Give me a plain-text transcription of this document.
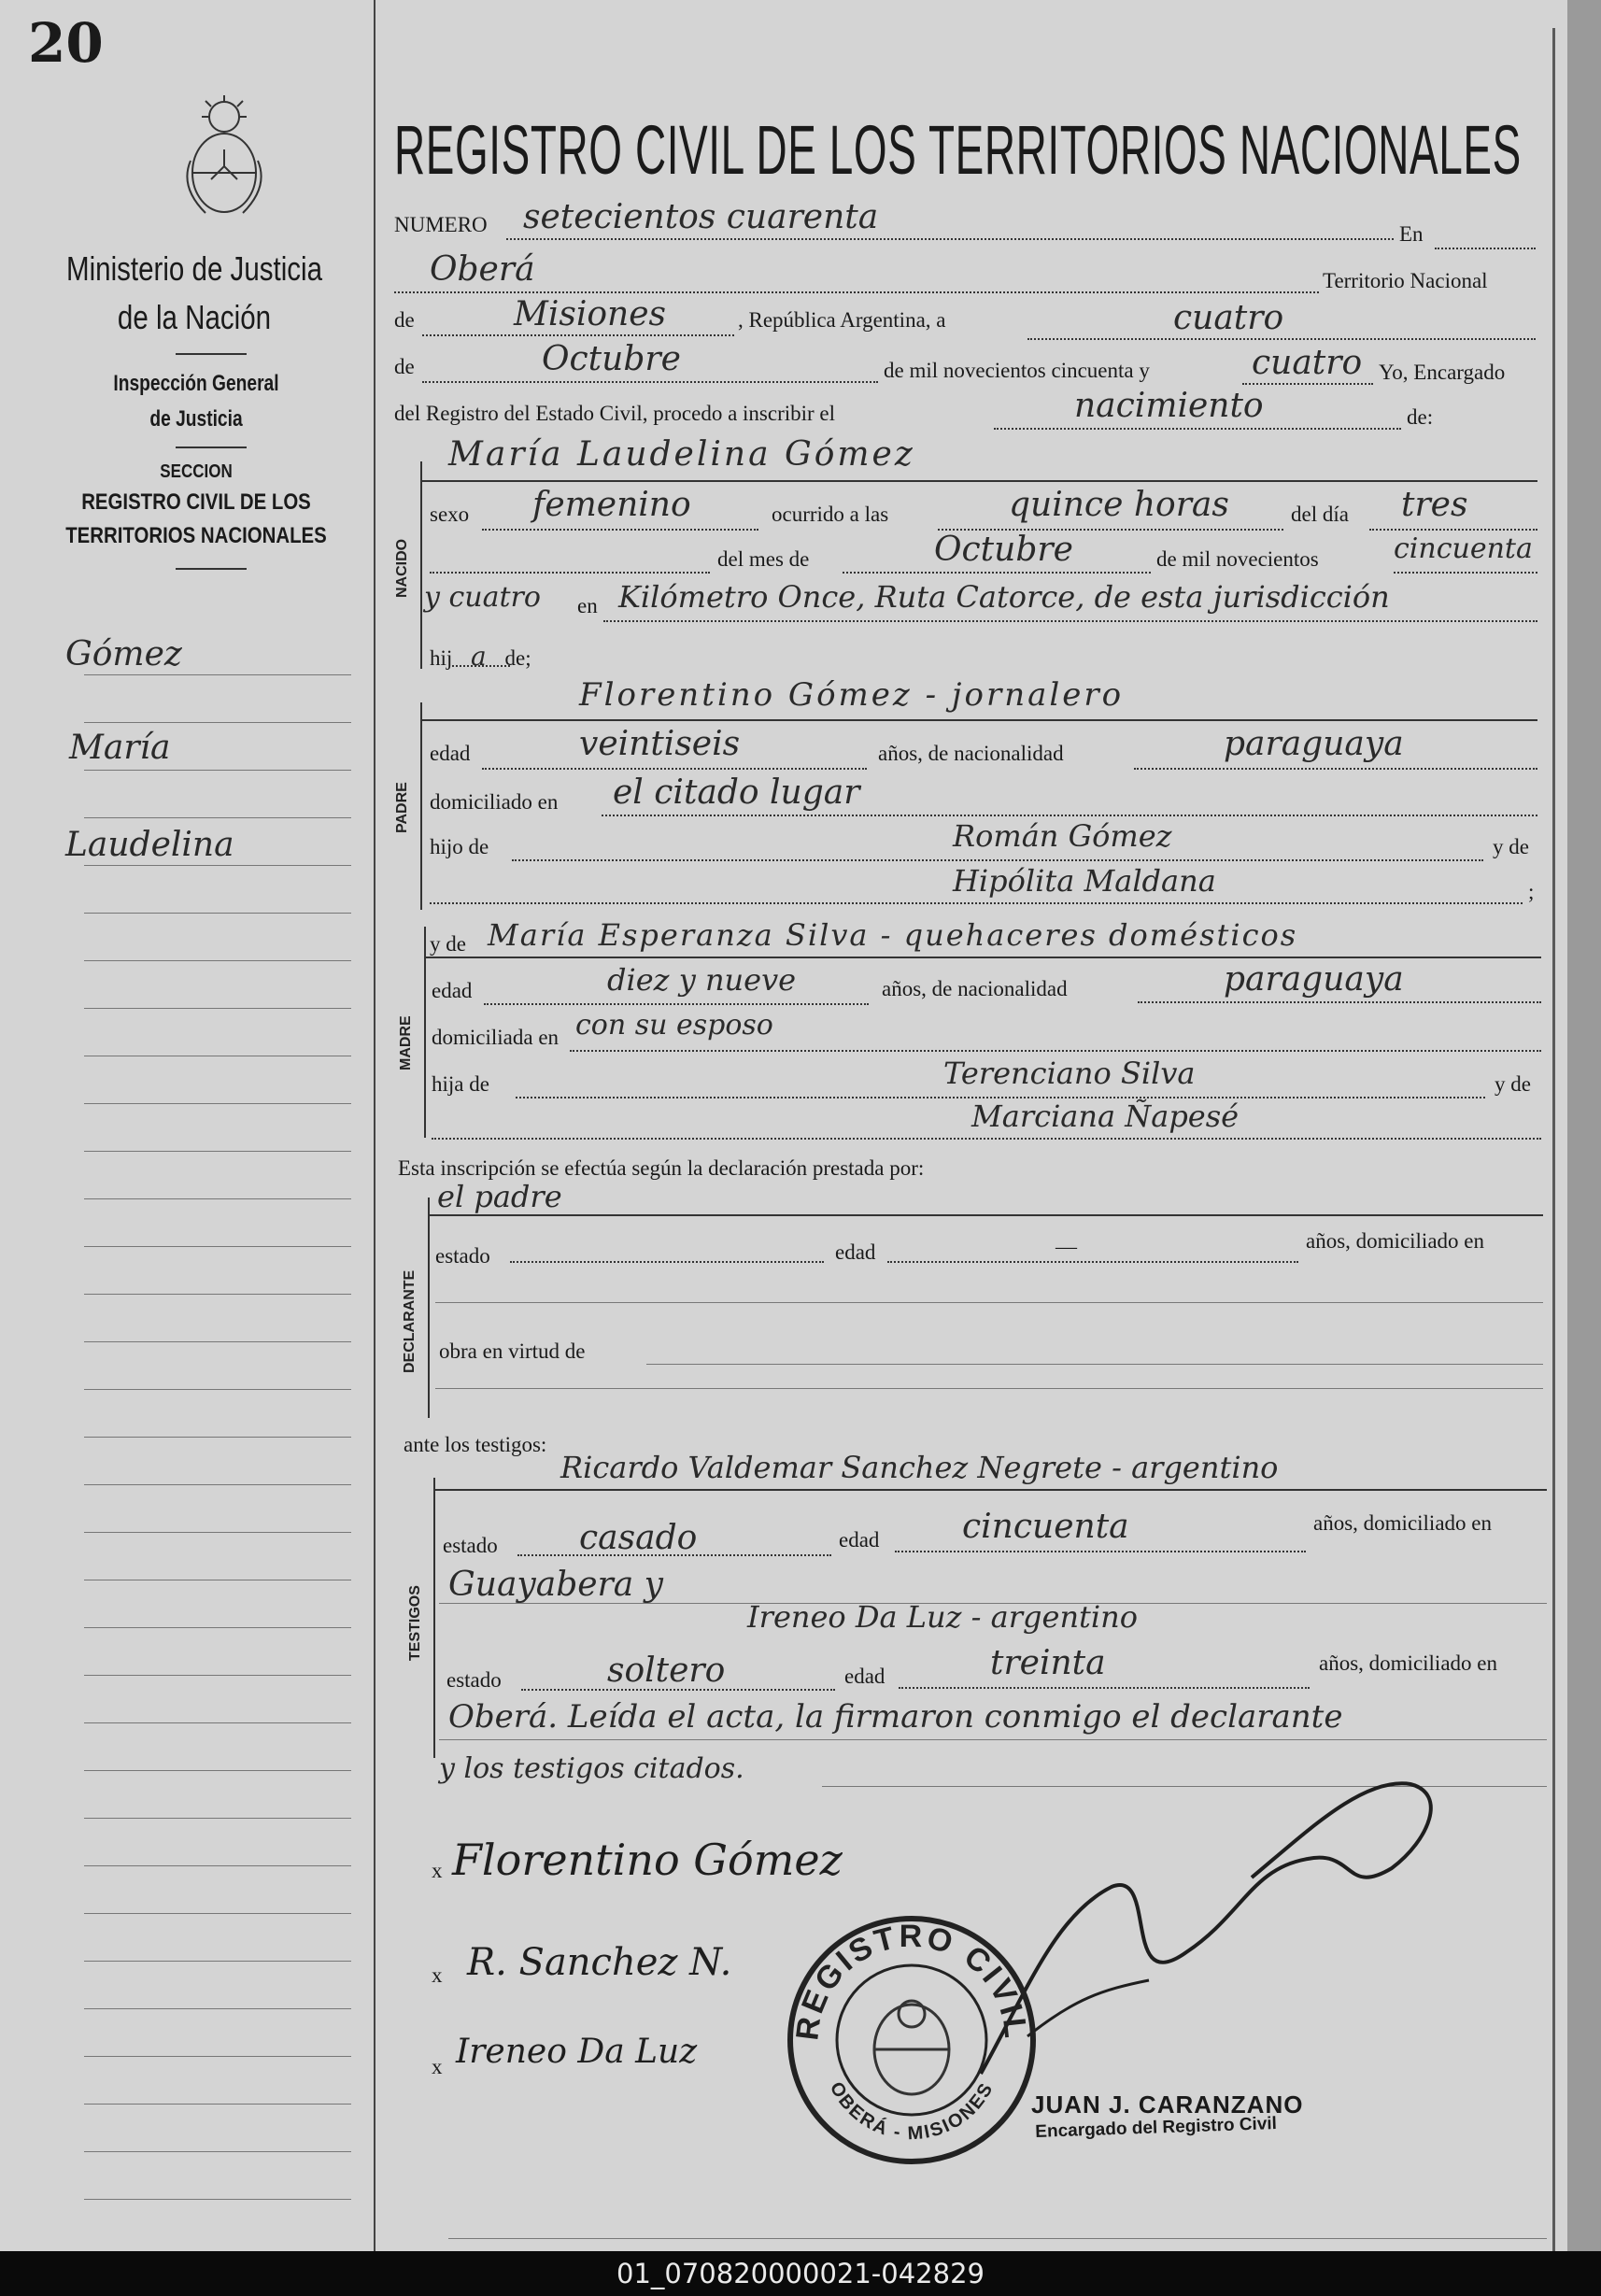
20
Ministerio de Justicia
de la Nación
Inspección General
de Justicia
SECCION
REGISTRO CIVIL DE LOS
TERRITORIOS NACIONALES
Gómez
María
Laudelina
REGISTRO CIVIL DE LOS TERRITORIOS NACIONALES
NUMERO setecientos cuarenta	En
Oberá	Territorio Nacional
de	Misiones	, República Argentina, a	cuatro
de	Octubre	de mil novecientos cincuenta y	cuatro Yo, Encargado
del Registro del Estado Civil, procedo a inscribir el	nacimiento	de:
NACIDO
María Laudelina Gómez
sexo femenino	ocurrido a las	quince horas	del día tres
del mes de	Octubre	de mil novecientos	cincuenta
y cuatro en Kilómetro Once, Ruta Catorce, de esta jurisdicción
hij a de;
PADRE
Florentino Gómez - jornalero
edad	veintiseis	años, de nacionalidad	paraguaya
domiciliado en el citado lugar
hijo de	Román Gómez	y de
Hipólita Maldana	;
MADRE
y de María Esperanza Silva - quehaceres domésticos
edad	diez y nueve	años, de nacionalidad	paraguaya
domiciliada en con su esposo
hija de	Terenciano Silva	y de
Marciana Ñapesé
Esta inscripción se efectúa según la declaración prestada por:
DECLARANTE
el padre
estado	edad	—	años, domiciliado en
obra en virtud de
ante los testigos:
TESTIGOS
Ricardo Valdemar Sanchez Negrete - argentino
estado casado	edad cincuenta	años, domiciliado en
Guayabera y
Ireneo Da Luz - argentino
estado	soltero	edad	treinta	años, domiciliado en
Oberá. Leída el acta, la firmaron conmigo el declarante
y los testigos citados.
x Florentino Gómez
x R. Sanchez N.
x Ireneo Da Luz
REGISTRO CIVIL
OBERÁ - MISIONES
JUAN J. CARANZANO
Encargado del Registro Civil
01_070820000021-042829
